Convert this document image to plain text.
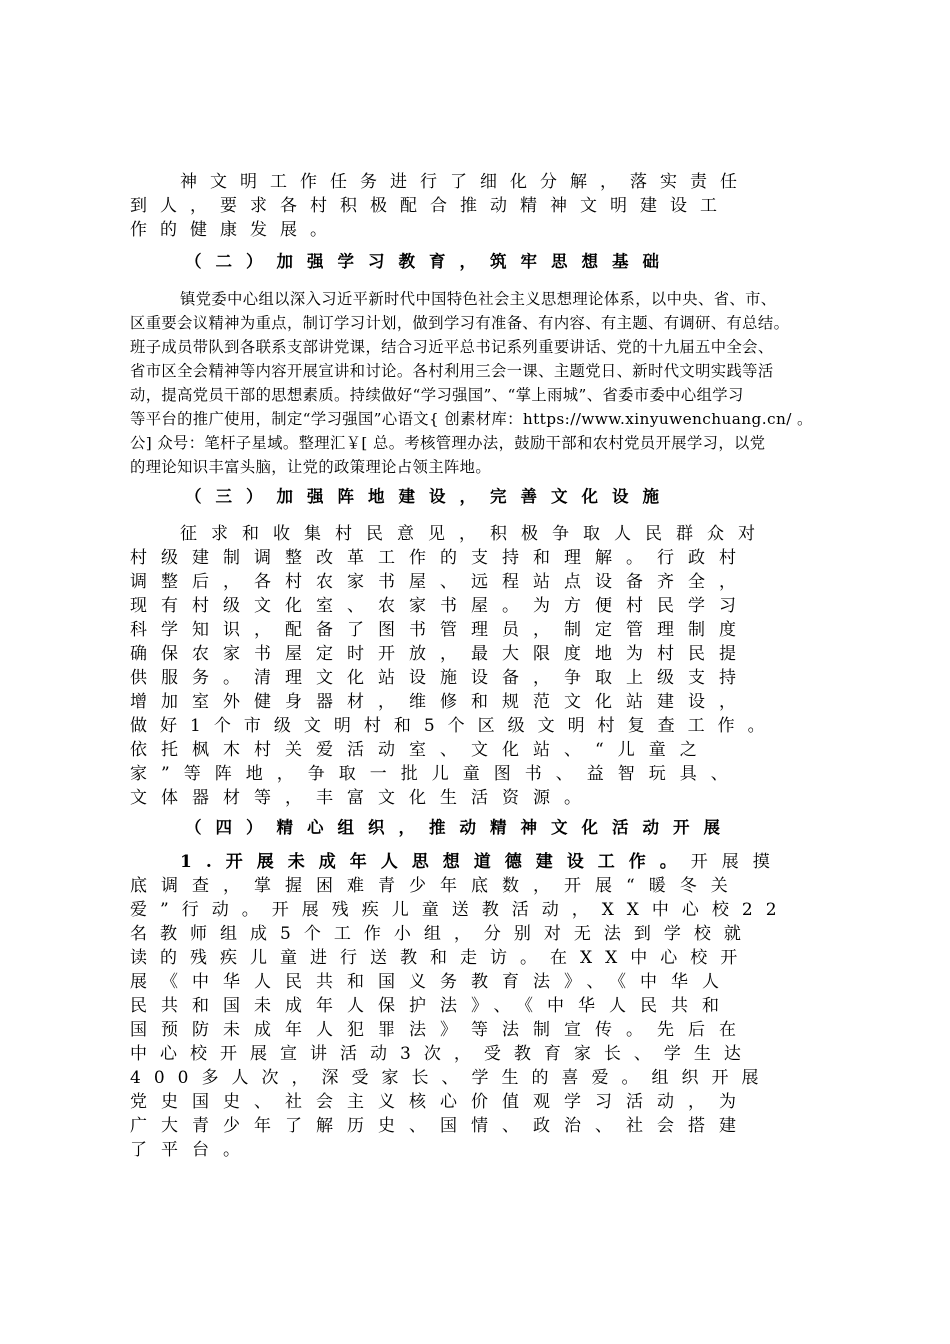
神文明工作任务进行了细化分解，落实责任
到人，要求各村积极配合推动精神文明建设工
作的健康发展。
（二）加强学习教育，筑牢思想基础
镇党委中心组以深入习近平新时代中国特色社会主义思想理论体系，以中央、省、市、
区重要会议精神为重点，制订学习计划，做到学习有准备、有内容、有主题、有调研、有总结。
班子成员带队到各联系支部讲党课，结合习近平总书记系列重要讲话、党的十九届五中全会、
省市区全会精神等内容开展宣讲和讨论。各村利用三会一课、主题党日、新时代文明实践等活
动，提高党员干部的思想素质。持续做好“学习强国”、“掌上雨城”、省委市委中心组学习
等平台的推广使用，制定“学习强国”心语文{ 创素材库：https://www.xinyuwenchuang.cn/ 。
公] 众号：笔杆子星域。整理汇￥[ 总。考核管理办法，鼓励干部和农村党员开展学习，以党
的理论知识丰富头脑，让党的政策理论占领主阵地。
（三）加强阵地建设，完善文化设施
征求和收集村民意见，积极争取人民群众对
村级建制调整改革工作的支持和理解。行政村
调整后，各村农家书屋、远程站点设备齐全，
现有村级文化室、农家书屋。为方便村民学习
科学知识，配备了图书管理员，制定管理制度
确保农家书屋定时开放，最大限度地为村民提
供服务。清理文化站设施设备，争取上级支持
增加室外健身器材，维修和规范文化站建设，
做好1个市级文明村和5个区级文明村复查工作。
依托枫木村关爱活动室、文化站、“儿童之
家”等阵地，争取一批儿童图书、益智玩具、
文体器材等，丰富文化生活资源。
（四）精心组织，推动精神文化活动开展
1.开展未成年人思想道德建设工作。开展摸
底调查，掌握困难青少年底数，开展“暖冬关
爱”行动。开展残疾儿童送教活动，XX中心校22
名教师组成5个工作小组，分别对无法到学校就
读的残疾儿童进行送教和走访。在XX中心校开
展《中华人民共和国义务教育法》、《中华人
民共和国未成年人保护法》、《中华人民共和
国预防未成年人犯罪法》等法制宣传。先后在
中心校开展宣讲活动3次，受教育家长、学生达
400多人次，深受家长、学生的喜爱。组织开展
党史国史、社会主义核心价值观学习活动，为
广大青少年了解历史、国情、政治、社会搭建
了平台。
